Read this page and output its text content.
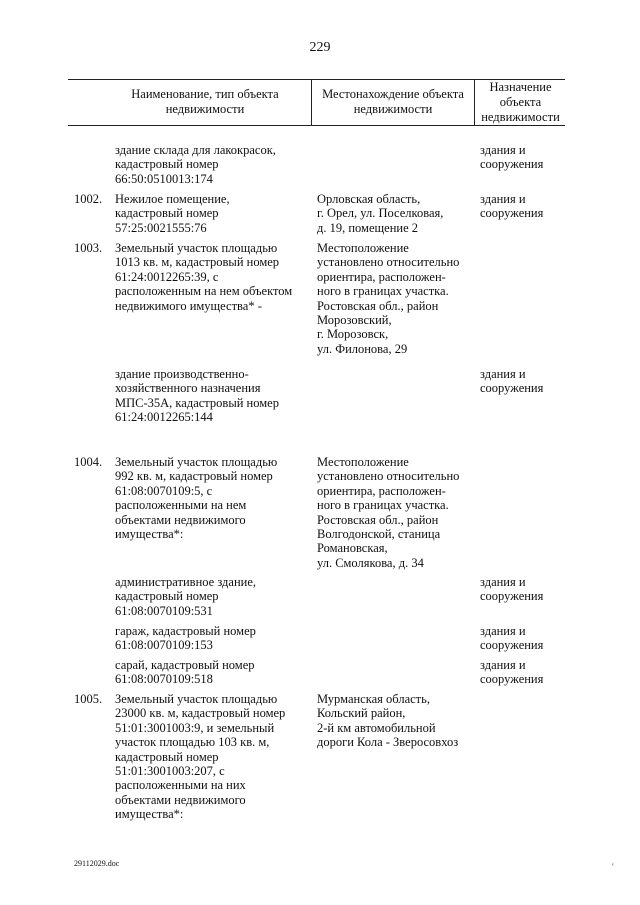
229
Наименование, тип объекта недвижимости
Местонахождение объекта недвижимости
Назначение объекта недвижимости
здание склада для лакокрасок,
кадастровый номер
66:50:0510013:174
здания и
сооружения
1002. Нежилое помещение,
кадастровый номер
57:25:0021555:76
Орловская область,
г. Орел, ул. Поселковая,
д. 19, помещение 2
здания и
сооружения
1003. Земельный участок площадью
1013 кв. м, кадастровый номер
61:24:0012265:39, с
расположенным на нем объектом
недвижимого имущества* -
Местоположение
установлено относительно
ориентира, расположен-
ного в границах участка.
Ростовская обл., район
Морозовский,
г. Морозовск,
ул. Филонова, 29
здание производственно-
хозяйственного назначения
МПС-35А, кадастровый номер
61:24:0012265:144
здания и
сооружения
1004. Земельный участок площадью
992 кв. м, кадастровый номер
61:08:0070109:5, с
расположенными на нем
объектами недвижимого
имущества*:
Местоположение
установлено относительно
ориентира, расположен-
ного в границах участка.
Ростовская обл., район
Волгодонской, станица
Романовская,
ул. Смолякова, д. 34
административное здание,
кадастровый номер
61:08:0070109:531
здания и
сооружения
гараж, кадастровый номер
61:08:0070109:153
здания и
сооружения
сарай, кадастровый номер
61:08:0070109:518
здания и
сооружения
1005. Земельный участок площадью
23000 кв. м, кадастровый номер
51:01:3001003:9, и земельный
участок площадью 103 кв. м,
кадастровый номер
51:01:3001003:207, с
расположенными на них
объектами недвижимого
имущества*:
Мурманская область,
Кольский район,
2-й км автомобильной
дороги Кола - Зверосовхоз
29112029.doc	'
